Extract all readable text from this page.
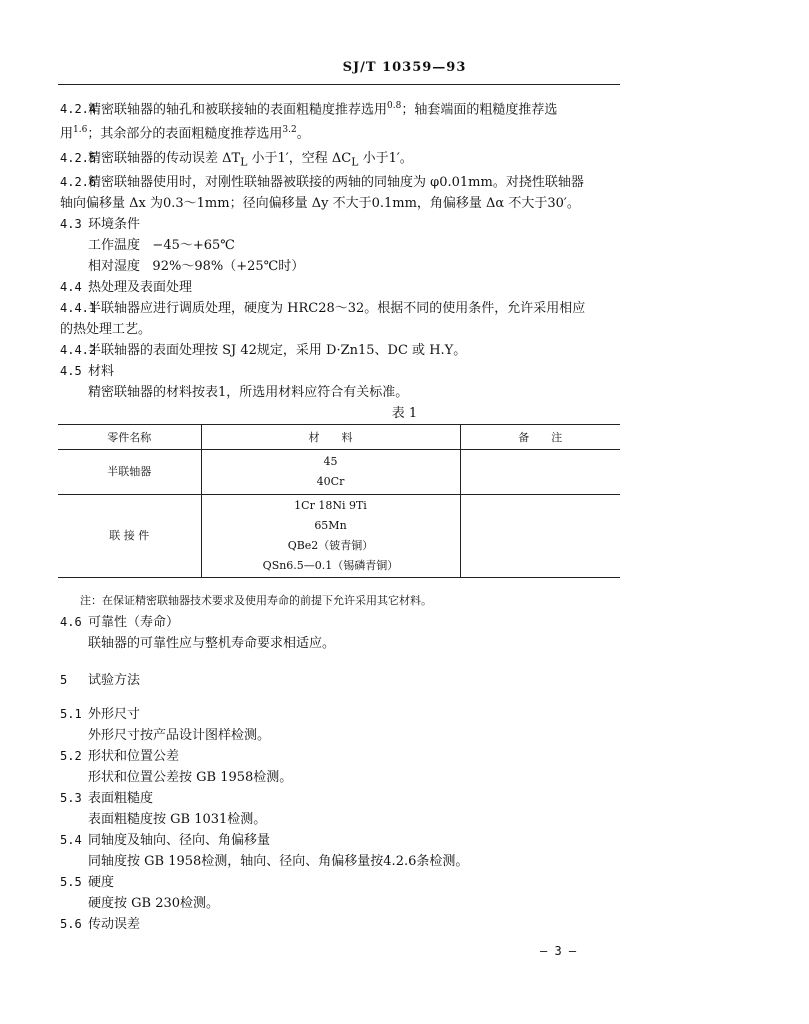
SJ/T 10359—93
4.2.4精密联轴器的轴孔和被联接轴的表面粗糙度推荐选用0.8；轴套端面的粗糙度推荐选
用1.6；其余部分的表面粗糙度推荐选用3.2。
4.2.5精密联轴器的传动误差 $\Delta T_L$ 小于1′，空程 $\Delta C_L$ 小于1′。
4.2.6精密联轴器使用时，对刚性联轴器被联接的两轴的同轴度为 φ0.01mm。对挠性联轴器
轴向偏移量 Δx 为0.3～1mm；径向偏移量 Δy 不大于0.1mm，角偏移量 Δα 不大于30′。
4.3 环境条件
工作温度 −45～+65℃
相对湿度 92%～98%（+25℃时）
4.4 热处理及表面处理
4.4.1半联轴器应进行调质处理，硬度为 HRC28～32。根据不同的使用条件，允许采用相应
的热处理工艺。
4.4.2半联轴器的表面处理按 SJ 42规定，采用 D·Zn15、DC 或 H.Y。
4.5 材料
精密联轴器的材料按表1，所选用材料应符合有关标准。
表 1
零件名称	材　　料	备　　注
半联轴器	45
40Cr	

联 接 件	1Cr 18Ni 9Ti
65Mn
QBe2（铍青铜）
QSn6.5—0.1（锡磷青铜）	

注：在保证精密联轴器技术要求及使用寿命的前提下允许采用其它材料。
4.6 可靠性（寿命）
联轴器的可靠性应与整机寿命要求相适应。
5 试验方法
5.1 外形尺寸
外形尺寸按产品设计图样检测。
5.2 形状和位置公差
形状和位置公差按 GB 1958检测。
5.3 表面粗糙度
表面粗糙度按 GB 1031检测。
5.4 同轴度及轴向、径向、角偏移量
同轴度按 GB 1958检测，轴向、径向、角偏移量按4.2.6条检测。
5.5 硬度
硬度按 GB 230检测。
5.6 传动误差
— 3 —
